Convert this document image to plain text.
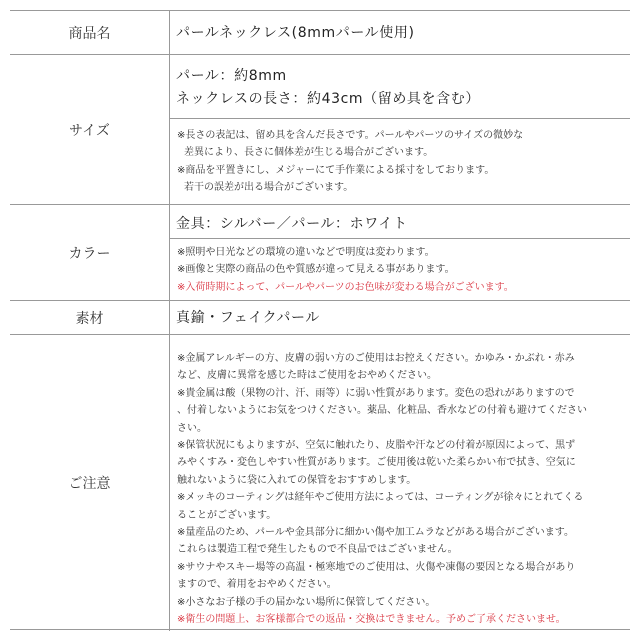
商品名	パールネックレス(8mmパール使用)
サイズ
パール：約8mm
ネックレスの長さ：約43cm（留め具を含む）
※長さの表記は、留め具を含んだ長さです。パールやパーツのサイズの微妙な
差異により、長さに個体差が生じる場合がございます。
※商品を平置きにし、メジャーにて手作業による採寸をしております。
若干の誤差が出る場合がございます。
カラー
金具：シルバー／パール：ホワイト
※照明や日光などの環境の違いなどで明度は変わります。
※画像と実際の商品の色や質感が違って見える事があります。
※入荷時期によって、パールやパーツのお色味が変わる場合がございます。
素材	真鍮・フェイクパール
ご注意
※金属アレルギーの方、皮膚の弱い方のご使用はお控えください。かゆみ・かぶれ・赤み
など、皮膚に異常を感じた時はご使用をおやめください。
※貴金属は酸（果物の汁、汗、雨等）に弱い性質があります。変色の恐れがありますので
、付着しないようにお気をつけください。薬品、化粧品、香水などの付着も避けてください
さい。
※保管状況にもよりますが、空気に触れたり、皮脂や汗などの付着が原因によって、黒ず
みやくすみ・変色しやすい性質があります。ご使用後は乾いた柔らかい布で拭き、空気に
触れないように袋に入れての保管をおすすめします。
※メッキのコーティングは経年やご使用方法によっては、コーティングが徐々にとれてくる
ることがございます。
※量産品のため、パールや金具部分に細かい傷や加工ムラなどがある場合がございます。
これらは製造工程で発生したもので不良品ではございません。
※サウナやスキー場等の高温・極寒地でのご使用は、火傷や凍傷の要因となる場合があり
ますので、着用をおやめください。
※小さなお子様の手の届かない場所に保管してください。
※衛生の問題上、お客様都合での返品・交換はできません。予めご了承くださいませ。
